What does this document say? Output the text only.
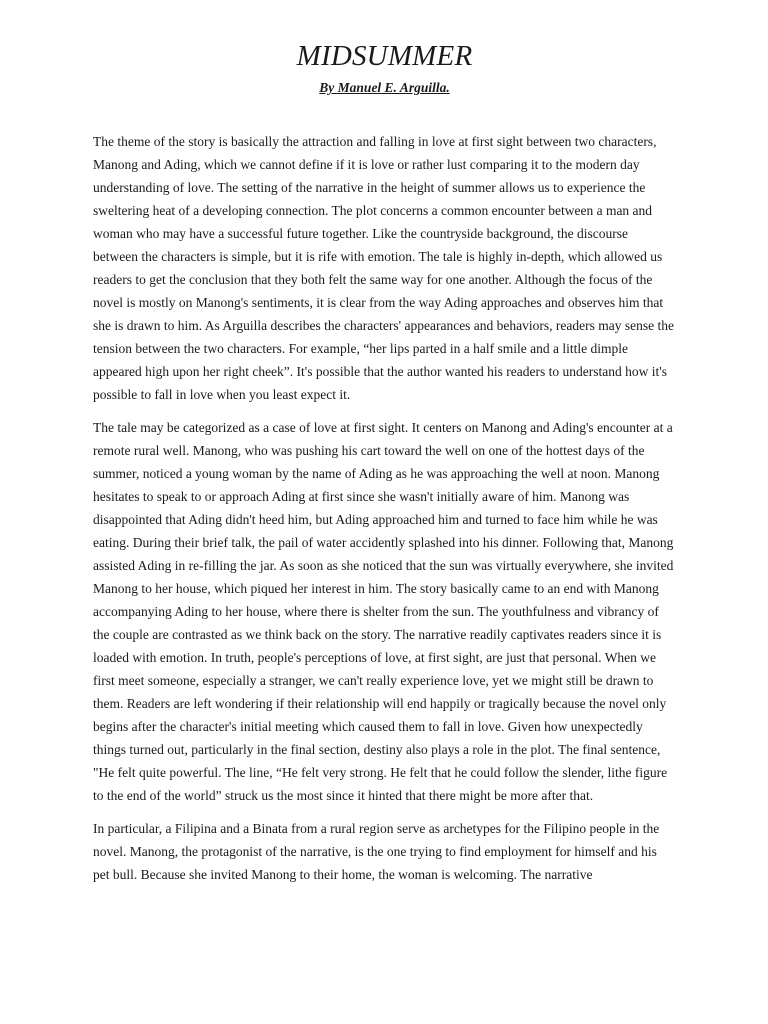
MIDSUMMER

By Manuel E. Arguilla.

The theme of the story is basically the attraction and falling in love at first sight between two characters, Manong and Ading, which we cannot define if it is love or rather lust comparing it to the modern day understanding of love. The setting of the narrative in the height of summer allows us to experience the sweltering heat of a developing connection. The plot concerns a common encounter between a man and woman who may have a successful future together. Like the countryside background, the discourse between the characters is simple, but it is rife with emotion. The tale is highly in-depth, which allowed us readers to get the conclusion that they both felt the same way for one another. Although the focus of the novel is mostly on Manong's sentiments, it is clear from the way Ading approaches and observes him that she is drawn to him. As Arguilla describes the characters' appearances and behaviors, readers may sense the tension between the two characters. For example, “her lips parted in a half smile and a little dimple appeared high upon her right cheek”. It's possible that the author wanted his readers to understand how it's possible to fall in love when you least expect it.

The tale may be categorized as a case of love at first sight. It centers on Manong and Ading's encounter at a remote rural well. Manong, who was pushing his cart toward the well on one of the hottest days of the summer, noticed a young woman by the name of Ading as he was approaching the well at noon. Manong hesitates to speak to or approach Ading at first since she wasn't initially aware of him. Manong was disappointed that Ading didn't heed him, but Ading approached him and turned to face him while he was eating. During their brief talk, the pail of water accidently splashed into his dinner. Following that, Manong assisted Ading in re-filling the jar. As soon as she noticed that the sun was virtually everywhere, she invited Manong to her house, which piqued her interest in him. The story basically came to an end with Manong accompanying Ading to her house, where there is shelter from the sun. The youthfulness and vibrancy of the couple are contrasted as we think back on the story. The narrative readily captivates readers since it is loaded with emotion. In truth, people's perceptions of love, at first sight, are just that personal. When we first meet someone, especially a stranger, we can't really experience love, yet we might still be drawn to them. Readers are left wondering if their relationship will end happily or tragically because the novel only begins after the character's initial meeting which caused them to fall in love. Given how unexpectedly things turned out, particularly in the final section, destiny also plays a role in the plot. The final sentence, "He felt quite powerful. The line, “He felt very strong. He felt that he could follow the slender, lithe figure to the end of the world” struck us the most since it hinted that there might be more after that.

In particular, a Filipina and a Binata from a rural region serve as archetypes for the Filipino people in the novel. Manong, the protagonist of the narrative, is the one trying to find employment for himself and his pet bull. Because she invited Manong to their home, the woman is welcoming. The narrative
